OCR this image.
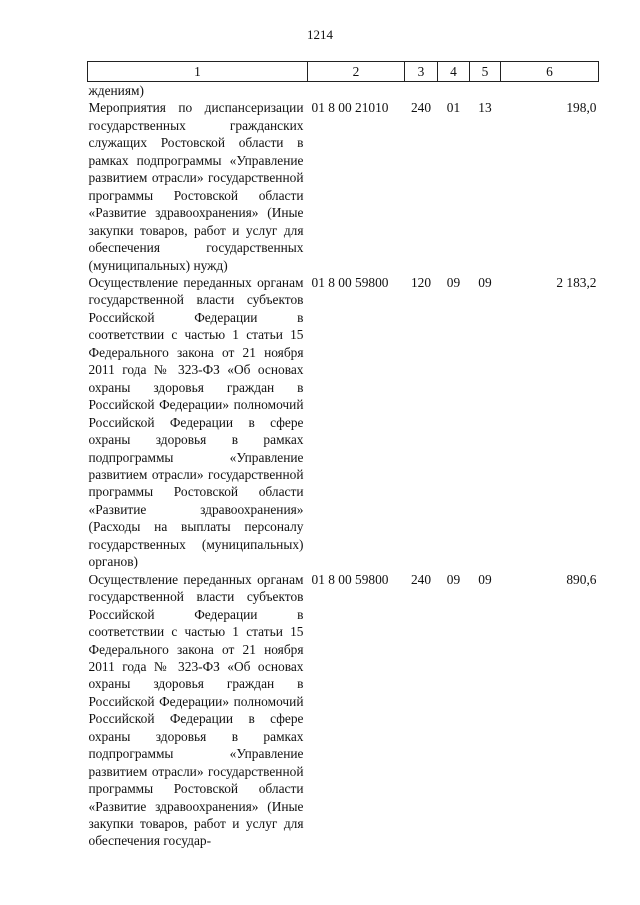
1214
1	2	3	4	5	6
ждениям)					
Мероприятия по диспансеризации государственных гражданских служащих Ростовской области в рамках подпрограммы «Управление развитием отрасли» государственной программы Ростовской области «Развитие здравоохранения» (Иные закупки товаров, работ и услуг для обеспечения государственных (муниципальных) нужд)	01 8 00 21010	240	01	13	198,0
Осуществление переданных органам государственной власти субъектов Российской Федерации в соответствии с частью 1 статьи 15 Федерального закона от 21 ноября 2011 года № 323-ФЗ «Об основах охраны здоровья граждан в Российской Федерации» полномочий Российской Федерации в сфере охраны здоровья в рамках подпрограммы «Управление развитием отрасли» государственной программы Ростовской области «Развитие здравоохранения» (Расходы на выплаты персоналу государственных (муниципальных) органов)	01 8 00 59800	120	09	09	2 183,2
Осуществление переданных органам государственной власти субъектов Российской Федерации в соответствии с частью 1 статьи 15 Федерального закона от 21 ноября 2011 года № 323-ФЗ «Об основах охраны здоровья граждан в Российской Федерации» полномочий Российской Федерации в сфере охраны здоровья в рамках подпрограммы «Управление развитием отрасли» государственной программы Ростовской области «Развитие здравоохранения» (Иные закупки товаров, работ и услуг для обеспечения государ-	01 8 00 59800	240	09	09	890,6
